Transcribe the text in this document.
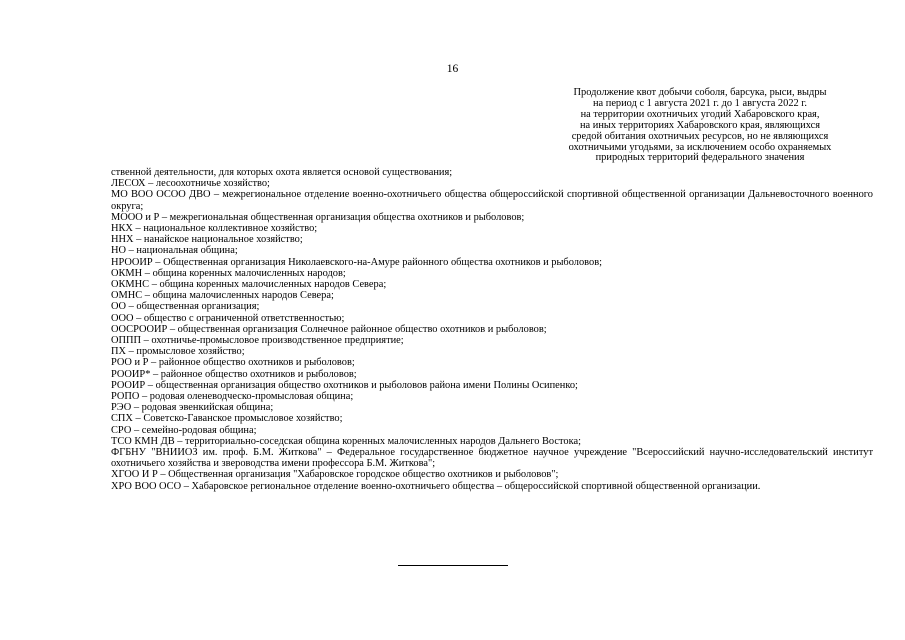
16
Продолжение квот добычи соболя, барсука, рыси, выдры
на период с 1 августа 2021 г. до 1 августа 2022 г.
на территории охотничьих угодий Хабаровского края,
на иных территориях Хабаровского края, являющихся
средой обитания охотничьих ресурсов, но не являющихся
охотничьими угодьями, за исключением особо охраняемых
природных территорий федерального значения

ственной деятельности, для которых охота является основой существования;

ЛЕСОХ – лесоохотничье хозяйство;

МО ВОО ОСОО ДВО – межрегиональное отделение военно-охотничьего общества общероссийской спортивной общественной организации Дальневосточного военного округа;

МООО и Р – межрегиональная общественная организация общества охотников и рыболовов;

НКХ – национальное коллективное хозяйство;

ННХ – нанайское национальное хозяйство;

НО – национальная община;

НРООИР – Общественная организация Николаевского-на-Амуре районного общества охотников и рыболовов;

ОКМН – община коренных малочисленных народов;

ОКМНС – община коренных малочисленных народов Севера;

ОМНС – община малочисленных народов Севера;

ОО – общественная организация;

ООО – общество с ограниченной ответственностью;

ООСРООИР – общественная организация Солнечное районное общество охотников и рыболовов;

ОППП – охотничье-промысловое производственное предприятие;

ПХ – промысловое хозяйство;

РОО и Р – районное общество охотников и рыболовов;

РООИР* – районное общество охотников и рыболовов;

РООИР – общественная организация общество охотников и рыболовов района имени Полины Осипенко;

РОПО – родовая оленеводческо-промысловая община;

РЭО – родовая эвенкийская община;

СПХ – Советско-Гаванское промысловое хозяйство;

СРО – семейно-родовая община;

ТСО КМН ДВ – территориально-соседская община коренных малочисленных народов Дальнего Востока;

ФГБНУ "ВНИИОЗ им. проф. Б.М. Житкова" – Федеральное государственное бюджетное научное учреждение "Всероссийский научно-исследовательский институт охотничьего хозяйства и звероводства имени профессора Б.М. Житкова";

ХГОО И Р – Общественная организация "Хабаровское городское общество охотников и рыболовов";

ХРО ВОО ОСО – Хабаровское региональное отделение военно-охотничьего общества – общероссийской спортивной общественной организации.
